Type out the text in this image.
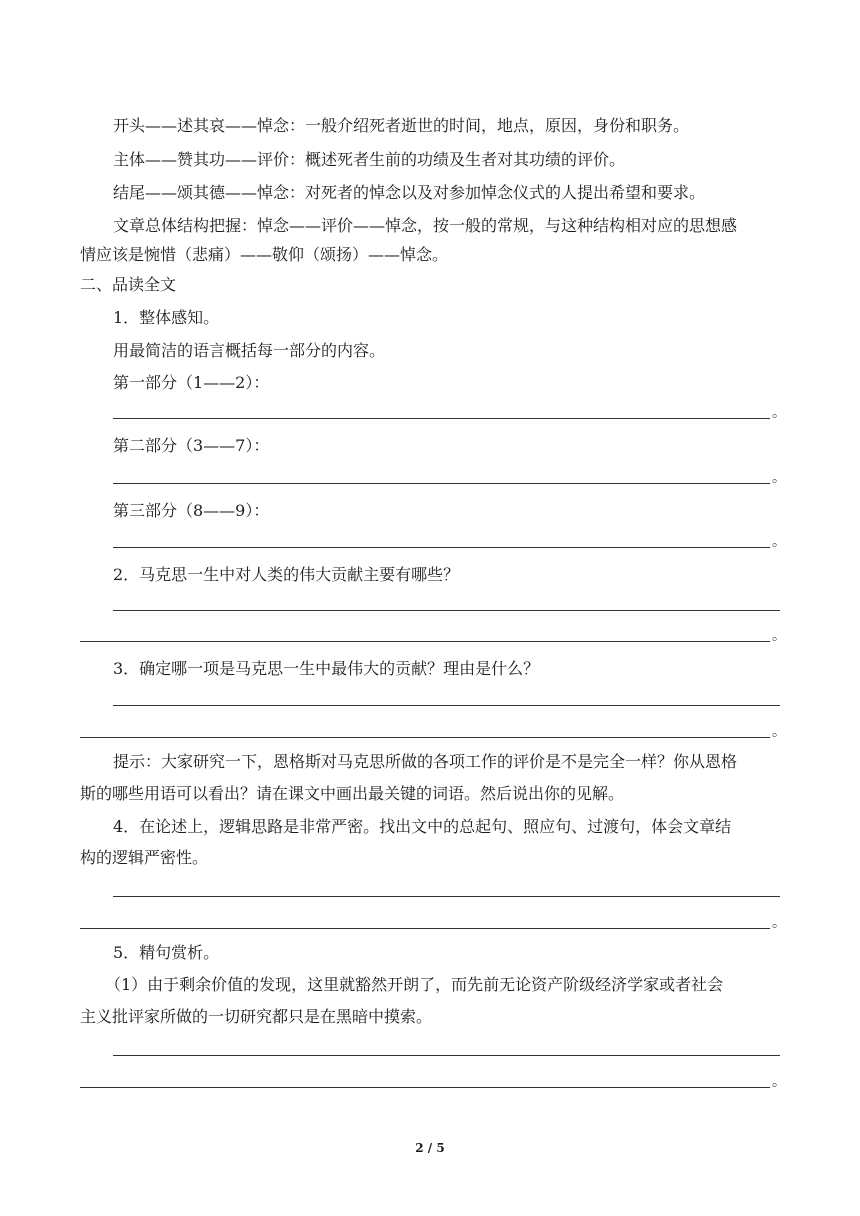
开头——述其哀——悼念：一般介绍死者逝世的时间，地点，原因，身份和职务。
主体——赞其功——评价：概述死者生前的功绩及生者对其功绩的评价。
结尾——颂其德——悼念：对死者的悼念以及对参加悼念仪式的人提出希望和要求。
文章总体结构把握：悼念——评价——悼念，按一般的常规，与这种结构相对应的思想感
情应该是惋惜（悲痛）——敬仰（颂扬）——悼念。
二、品读全文
1．整体感知。
用最简洁的语言概括每一部分的内容。
第一部分（1——2）：
。
第二部分（3——7）：
。
第三部分（8——9）：
。
2．马克思一生中对人类的伟大贡献主要有哪些？
。
3．确定哪一项是马克思一生中最伟大的贡献？理由是什么？
。
提示：大家研究一下，恩格斯对马克思所做的各项工作的评价是不是完全一样？你从恩格
斯的哪些用语可以看出？请在课文中画出最关键的词语。然后说出你的见解。
4．在论述上，逻辑思路是非常严密。找出文中的总起句、照应句、过渡句，体会文章结
构的逻辑严密性。
。
5．精句赏析。
（1）由于剩余价值的发现，这里就豁然开朗了，而先前无论资产阶级经济学家或者社会
主义批评家所做的一切研究都只是在黑暗中摸索。
。
2 / 5
